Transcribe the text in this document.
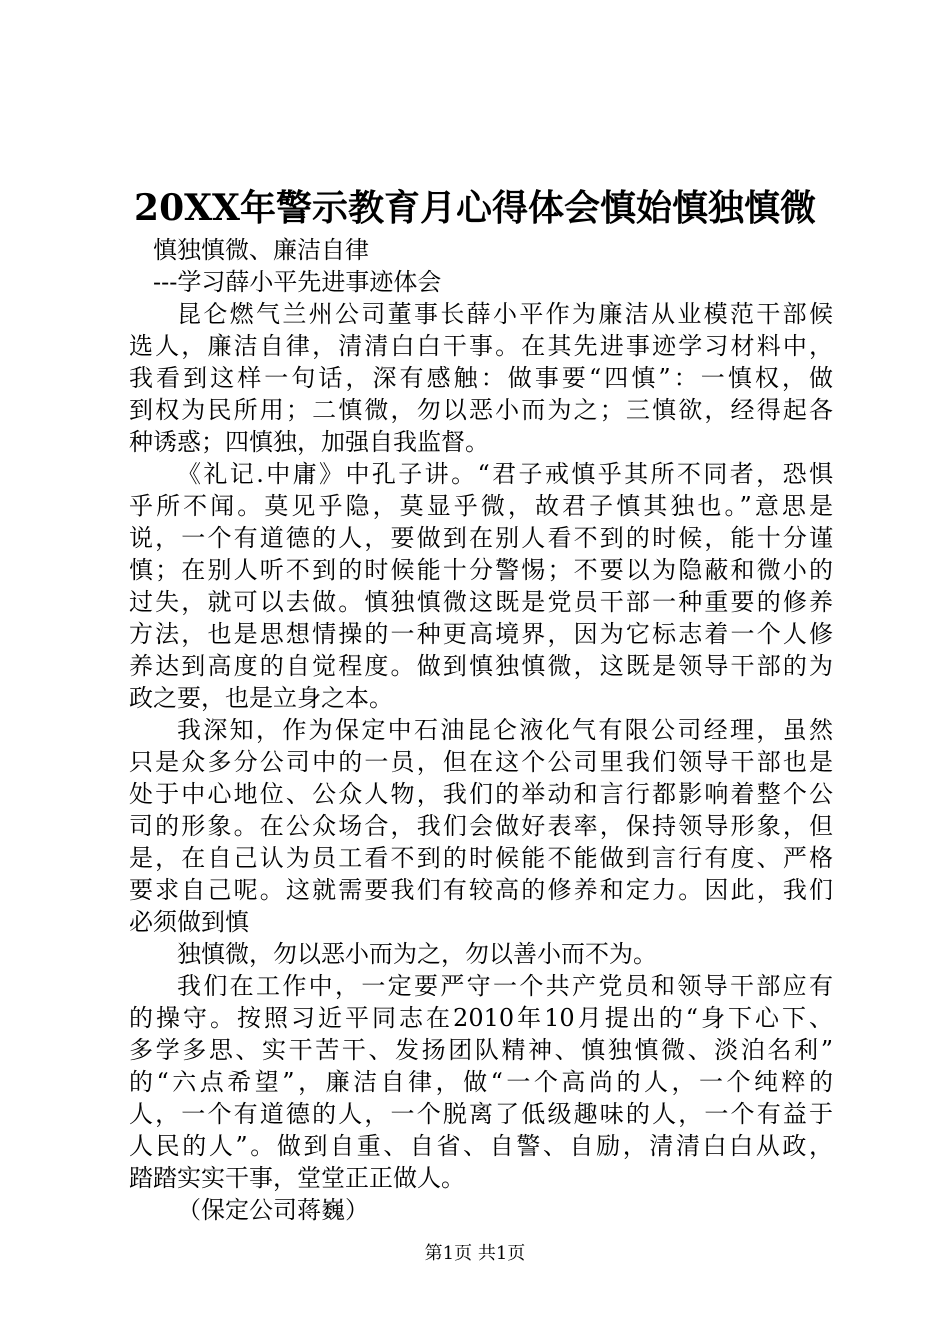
20XX年警示教育月心得体会慎始慎独慎微
慎独慎微、廉洁自律
---学习薛小平先进事迹体会
昆仑燃气兰州公司董事长薛小平作为廉洁从业模范干部候
选人，廉洁自律，清清白白干事。在其先进事迹学习材料中，
我看到这样一句话，深有感触：做事要“四慎”：一慎权，做
到权为民所用；二慎微，勿以恶小而为之；三慎欲，经得起各
种诱惑；四慎独，加强自我监督。
《礼记.中庸》中孔子讲。“君子戒慎乎其所不同者，恐惧
乎所不闻。莫见乎隐，莫显乎微，故君子慎其独也。”意思是
说，一个有道德的人，要做到在别人看不到的时候，能十分谨
慎；在别人听不到的时候能十分警惕；不要以为隐蔽和微小的
过失，就可以去做。慎独慎微这既是党员干部一种重要的修养
方法，也是思想情操的一种更高境界，因为它标志着一个人修
养达到高度的自觉程度。做到慎独慎微，这既是领导干部的为
政之要，也是立身之本。
我深知，作为保定中石油昆仑液化气有限公司经理，虽然
只是众多分公司中的一员，但在这个公司里我们领导干部也是
处于中心地位、公众人物，我们的举动和言行都影响着整个公
司的形象。在公众场合，我们会做好表率，保持领导形象，但
是，在自己认为员工看不到的时候能不能做到言行有度、严格
要求自己呢。这就需要我们有较高的修养和定力。因此，我们
必须做到慎
独慎微，勿以恶小而为之，勿以善小而不为。
我们在工作中，一定要严守一个共产党员和领导干部应有
的操守。按照习近平同志在2010年10月提出的“身下心下、
多学多思、实干苦干、发扬团队精神、慎独慎微、淡泊名利”
的“六点希望”，廉洁自律，做“一个高尚的人，一个纯粹的
人，一个有道德的人，一个脱离了低级趣味的人，一个有益于
人民的人”。做到自重、自省、自警、自励，清清白白从政，
踏踏实实干事，堂堂正正做人。
（保定公司蒋巍）
第1页 共1页
